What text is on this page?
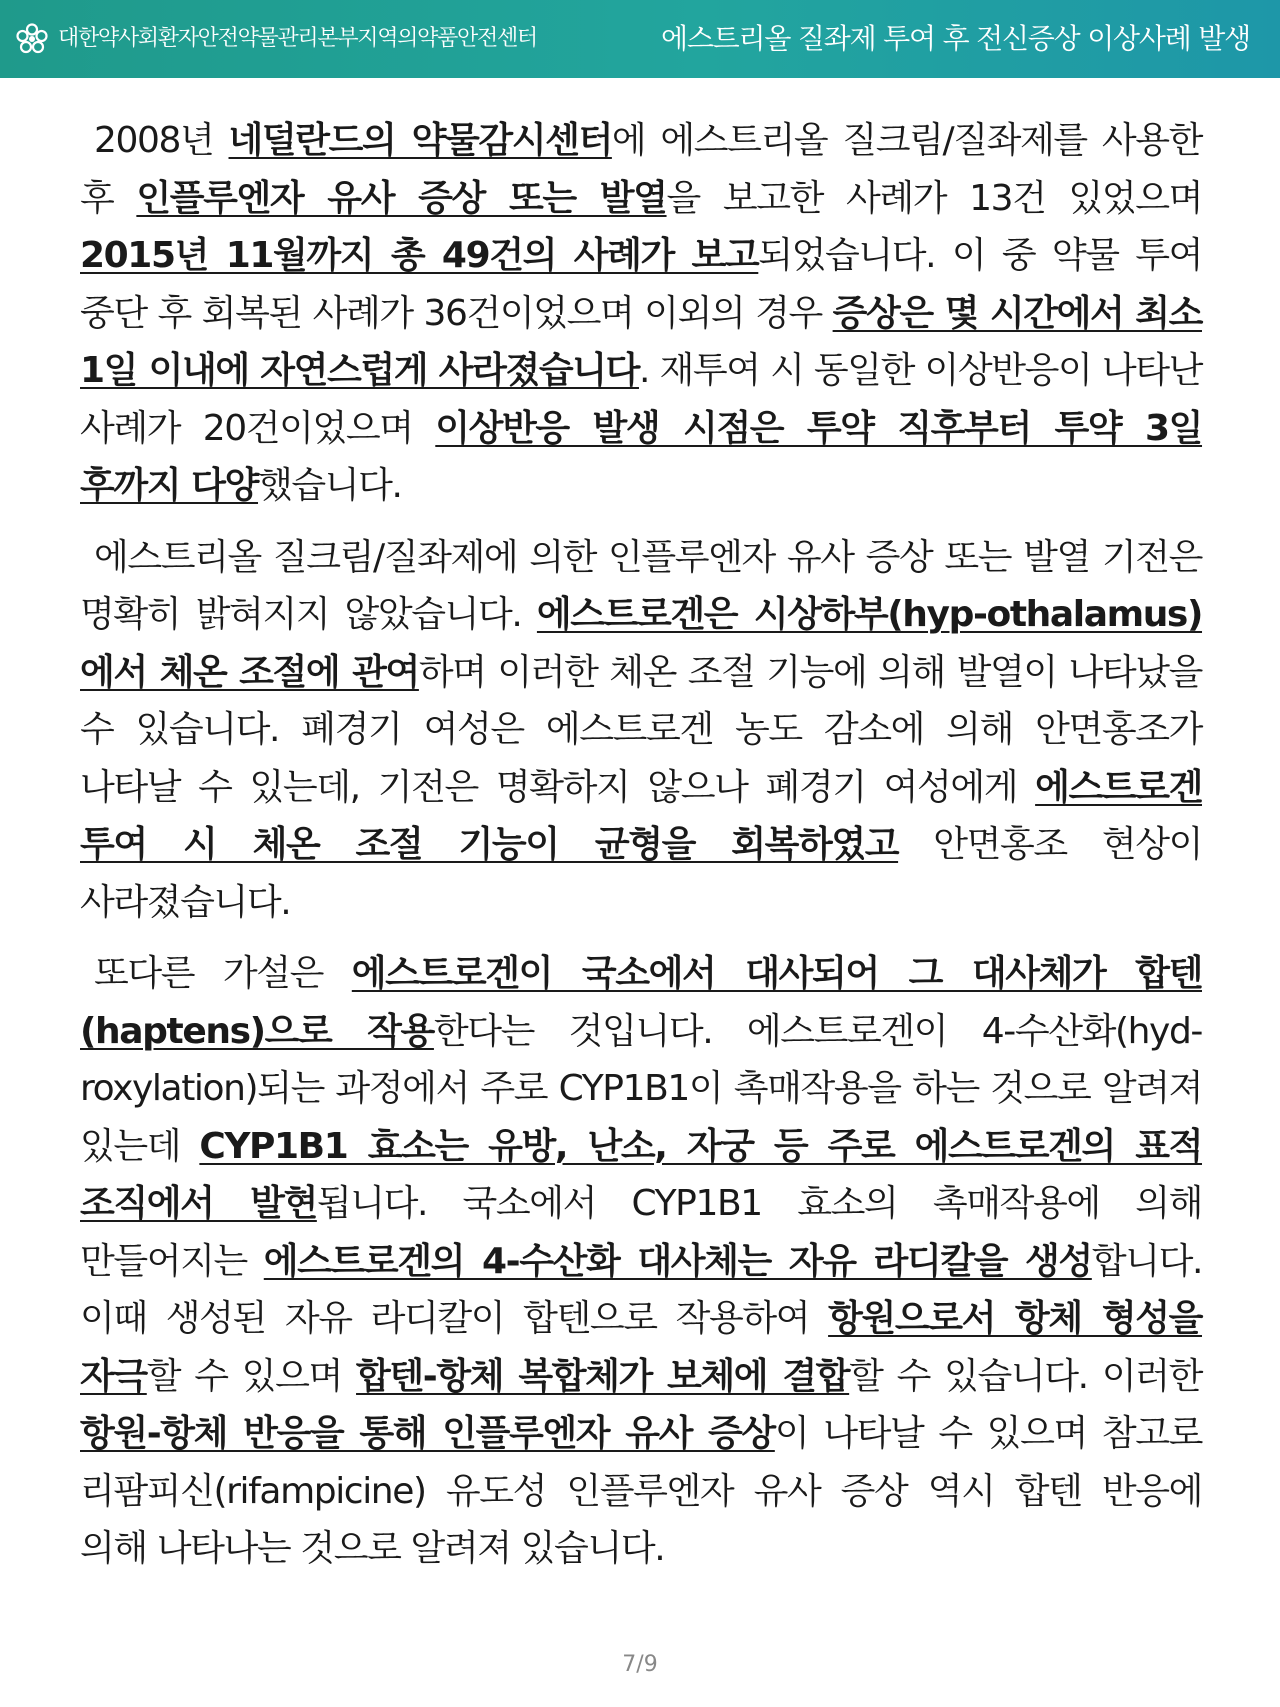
대한약사회환자안전약물관리본부지역의약품안전센터	에스트리올 질좌제 투여 후 전신증상 이상사례 발생

2008년 네덜란드의 약물감시센터에 에스트리올 질크림/질좌제를 사용한 후 인플루엔자 유사 증상 또는 발열을 보고한 사례가 13건 있었으며 2015년 11월까지 총 49건의 사례가 보고되었습니다. 이 중 약물 투여 중단 후 회복된 사례가 36건이었으며 이외의 경우 증상은 몇 시간에서 최소 1일 이내에 자연스럽게 사라졌습니다. 재투여 시 동일한 이상반응이 나타난 사례가 20건이었으며 이상반응 발생 시점은 투약 직후부터 투약 3일 후까지 다양했습니다.

에스트리올 질크림/질좌제에 의한 인플루엔자 유사 증상 또는 발열 기전은 명확히 밝혀지지 않았습니다. 에스트로겐은 시상하부(hyp-othalamus)에서 체온 조절에 관여하며 이러한 체온 조절 기능에 의해 발열이 나타났을 수 있습니다. 폐경기 여성은 에스트로겐 농도 감소에 의해 안면홍조가 나타날 수 있는데, 기전은 명확하지 않으나 폐경기 여성에게 에스트로겐 투여 시 체온 조절 기능이 균형을 회복하였고 안면홍조 현상이 사라졌습니다.

또다른 가설은 에스트로겐이 국소에서 대사되어 그 대사체가 합텐(haptens)으로 작용한다는 것입니다. 에스트로겐이 4-수산화(hyd-roxylation)되는 과정에서 주로 CYP1B1이 촉매작용을 하는 것으로 알려져 있는데 CYP1B1 효소는 유방, 난소, 자궁 등 주로 에스트로겐의 표적 조직에서 발현됩니다. 국소에서 CYP1B1 효소의 촉매작용에 의해 만들어지는 에스트로겐의 4-수산화 대사체는 자유 라디칼을 생성합니다. 이때 생성된 자유 라디칼이 합텐으로 작용하여 항원으로서 항체 형성을 자극할 수 있으며 합텐-항체 복합체가 보체에 결합할 수 있습니다. 이러한 항원-항체 반응을 통해 인플루엔자 유사 증상이 나타날 수 있으며 참고로 리팜피신(rifampicine) 유도성 인플루엔자 유사 증상 역시 합텐 반응에 의해 나타나는 것으로 알려져 있습니다.

7/9
